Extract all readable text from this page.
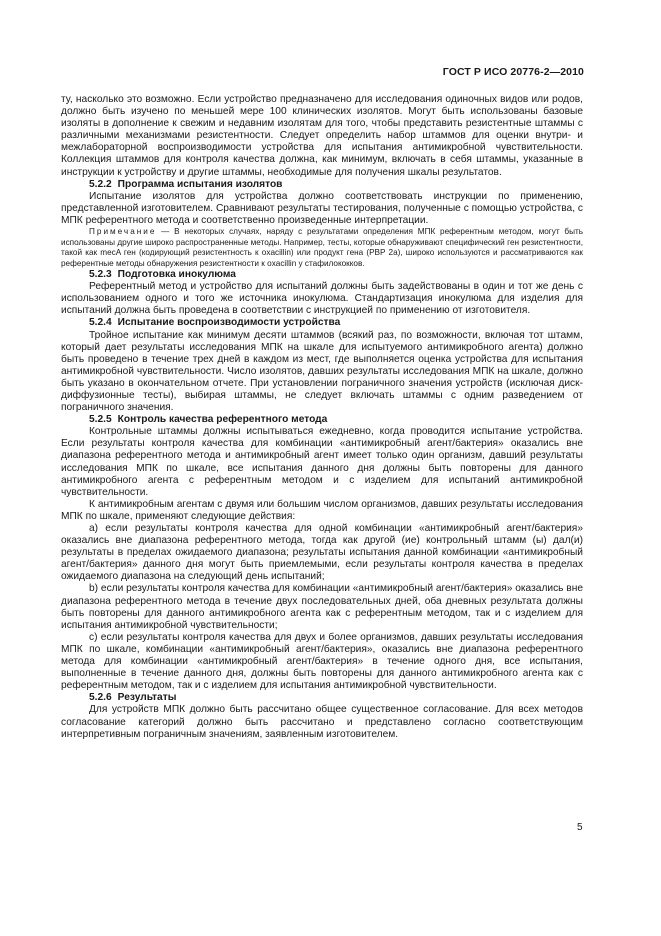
ГОСТ Р ИСО 20776-2—2010

ту, насколько это возможно. Если устройство предназначено для исследования одиночных видов или родов, должно быть изучено по меньшей мере 100 клинических изолятов. Могут быть использованы базовые изоляты в дополнение к свежим и недавним изолятам для того, чтобы представить резистентные штаммы с различными механизмами резистентности. Следует определить набор штаммов для оценки внутри- и межлабораторной воспроизводимости устройства для испытания антимикробной чувствительности. Коллекция штаммов для контроля качества должна, как минимум, включать в себя штаммы, указанные в инструкции к устройству и другие штаммы, необходимые для получения шкалы результатов.

5.2.2 Программа испытания изолятов

Испытание изолятов для устройства должно соответствовать инструкции по применению, представленной изготовителем. Сравнивают результаты тестирования, полученные с помощью устройства, с МПК референтного метода и соответственно произведенные интерпретации.

Примечание — В некоторых случаях, наряду с результатами определения МПК референтным методом, могут быть использованы другие широко распространенные методы. Например, тесты, которые обнаруживают специфический ген резистентности, такой как mecA ген (кодирующий резистентность к oxacillin) или продукт гена (PBP 2a), широко используются и рассматриваются как референтные методы обнаружения резистентности к oxacillin у стафилококков.

5.2.3 Подготовка инокулюма

Референтный метод и устройство для испытаний должны быть задействованы в один и тот же день с использованием одного и того же источника инокулюма. Стандартизация инокулюма для изделия для испытаний должна быть проведена в соответствии с инструкцией по применению от изготовителя.

5.2.4 Испытание воспроизводимости устройства

Тройное испытание как минимум десяти штаммов (всякий раз, по возможности, включая тот штамм, который дает результаты исследования МПК на шкале для испытуемого антимикробного агента) должно быть проведено в течение трех дней в каждом из мест, где выполняется оценка устройства для испытания антимикробной чувствительности. Число изолятов, давших результаты исследования МПК на шкале, должно быть указано в окончательном отчете. При установлении пограничного значения устройств (исключая диск-диффузионные тесты), выбирая штаммы, не следует включать штаммы с одним разведением от пограничного значения.

5.2.5 Контроль качества референтного метода

Контрольные штаммы должны испытываться ежедневно, когда проводится испытание устройства. Если результаты контроля качества для комбинации «антимикробный агент/бактерия» оказались вне диапазона референтного метода и антимикробный агент имеет только один организм, давший результаты исследования МПК по шкале, все испытания данного дня должны быть повторены для данного антимикробного агента с референтным методом и с изделием для испытаний антимикробной чувствительности.

К антимикробным агентам с двумя или большим числом организмов, давших результаты исследования МПК по шкале, применяют следующие действия:

а) если результаты контроля качества для одной комбинации «антимикробный агент/бактерия» оказались вне диапазона референтного метода, тогда как другой (ие) контрольный штамм (ы) дал(и) результаты в пределах ожидаемого диапазона; результаты испытания данной комбинации «антимикробный агент/бактерия» данного дня могут быть приемлемыми, если результаты контроля качества в пределах ожидаемого диапазона на следующий день испытаний;

b) если результаты контроля качества для комбинации «антимикробный агент/бактерия» оказались вне диапазона референтного метода в течение двух последовательных дней, оба дневных результата должны быть повторены для данного антимикробного агента как с референтным методом, так и с изделием для испытания антимикробной чувствительности;

c) если результаты контроля качества для двух и более организмов, давших результаты исследования МПК по шкале, комбинации «антимикробный агент/бактерия», оказались вне диапазона референтного метода для комбинации «антимикробный агент/бактерия» в течение одного дня, все испытания, выполненные в течение данного дня, должны быть повторены для данного антимикробного агента как с референтным методом, так и с изделием для испытания антимикробной чувствительности.

5.2.6 Результаты

Для устройств МПК должно быть рассчитано общее существенное согласование. Для всех методов согласование категорий должно быть рассчитано и представлено согласно соответствующим интерпретивным пограничным значениям, заявленным изготовителем.

5
